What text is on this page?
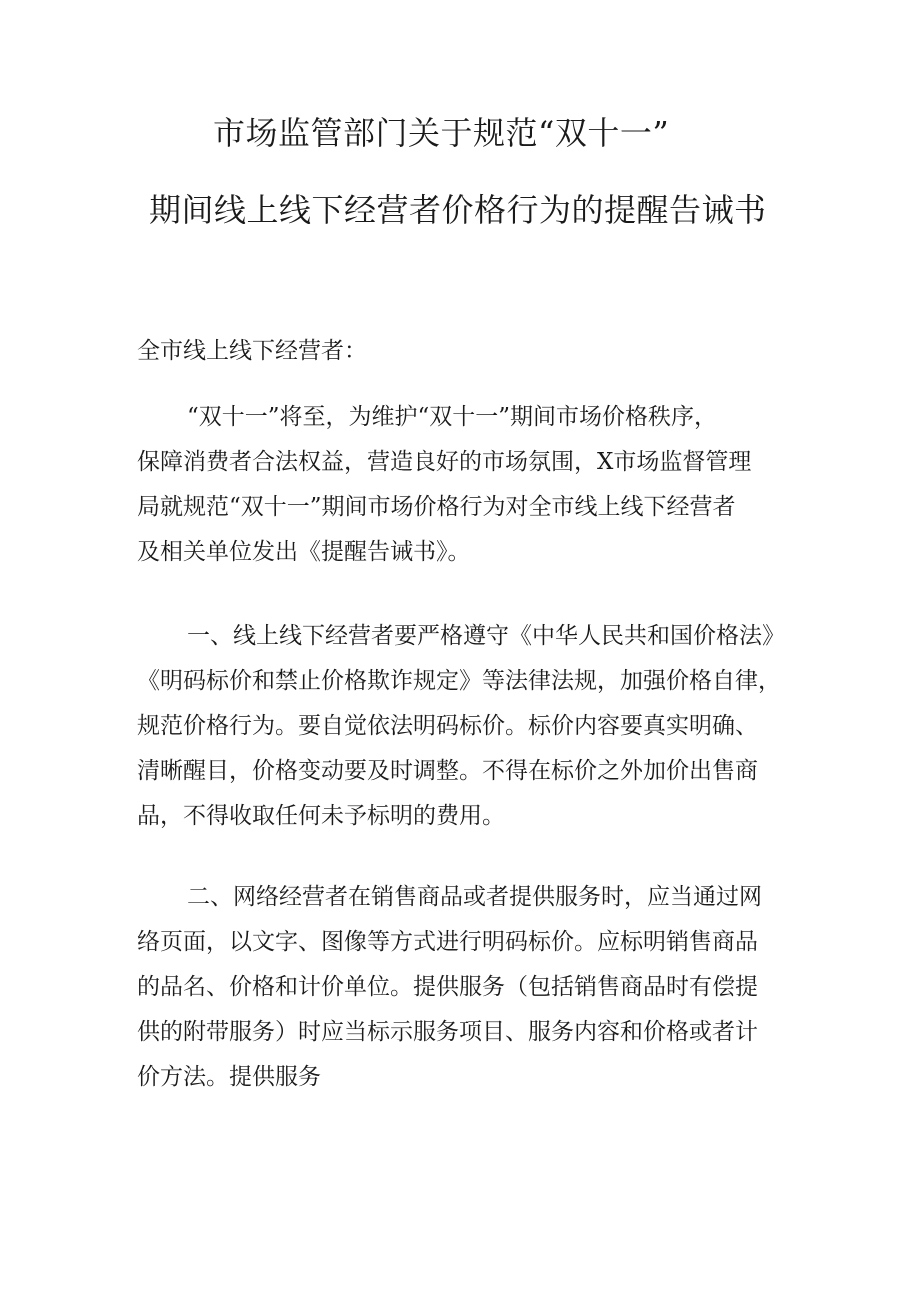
市场监管部门关于规范“双十一”
期间线上线下经营者价格行为的提醒告诫书

全市线上线下经营者：

“双十一”将至，为维护“双十一”期间市场价格秩序，
保障消费者合法权益，营造良好的市场氛围，X市场监督管理
局就规范“双十一”期间市场价格行为对全市线上线下经营者
及相关单位发出《提醒告诫书》。
一、线上线下经营者要严格遵守《中华人民共和国价格法》
《明码标价和禁止价格欺诈规定》等法律法规，加强价格自律，
规范价格行为。要自觉依法明码标价。标价内容要真实明确、
清晰醒目，价格变动要及时调整。不得在标价之外加价出售商
品，不得收取任何未予标明的费用。
二、网络经营者在销售商品或者提供服务时，应当通过网
络页面，以文字、图像等方式进行明码标价。应标明销售商品
的品名、价格和计价单位。提供服务（包括销售商品时有偿提
供的附带服务）时应当标示服务项目、服务内容和价格或者计
价方法。提供服务
